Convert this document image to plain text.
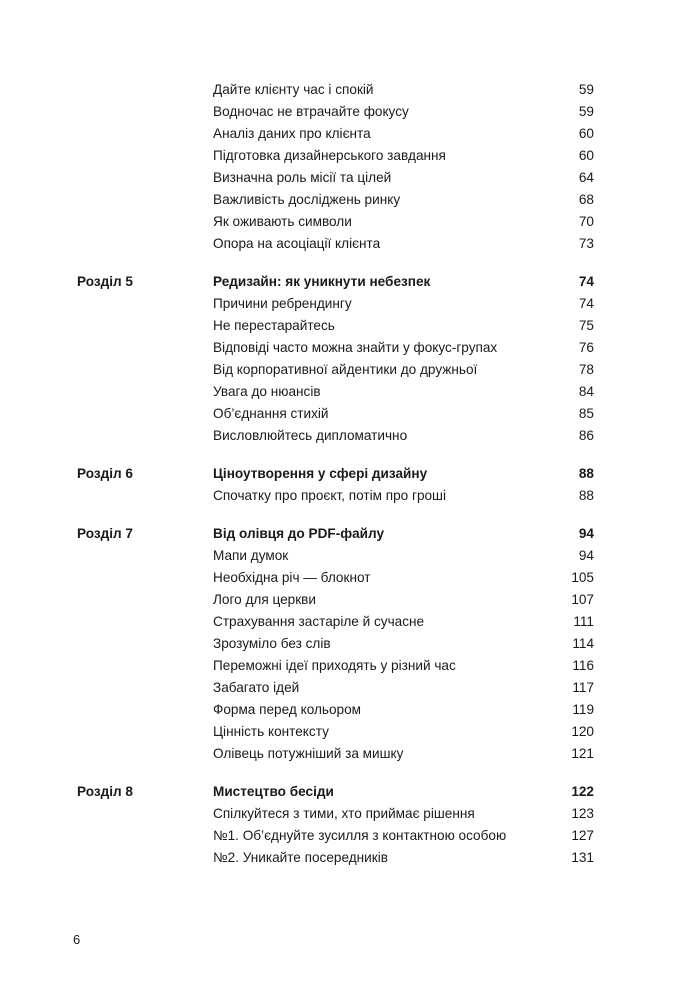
Дайте клієнту час і спокій	59
Водночас не втрачайте фокусу	59
Аналіз даних про клієнта	60
Підготовка дизайнерського завдання	60
Визначна роль місії та цілей	64
Важливість досліджень ринку	68
Як оживають символи	70
Опора на асоціації клієнта	73
Розділ 5	Редизайн: як уникнути небезпек	74
Причини ребрендингу	74
Не перестарайтесь	75
Відповіді часто можна знайти у фокус-групах	76
Від корпоративної айдентики до дружньої	78
Увага до нюансів	84
Об’єднання стихій	85
Висловлюйтесь дипломатично	86
Розділ 6	Ціноутворення у сфері дизайну	88
Спочатку про проєкт, потім про гроші	88
Розділ 7	Від олівця до PDF-файлу	94
Мапи думок	94
Необхідна річ — блокнот	105
Лого для церкви	107
Страхування застаріле й сучасне	111
Зрозуміло без слів	114
Переможні ідеї приходять у різний час	116
Забагато ідей	117
Форма перед кольором	119
Цінність контексту	120
Олівець потужніший за мишку	121
Розділ 8	Мистецтво бесіди	122
Спілкуйтеся з тими, хто приймає рішення	123
№1. Об’єднуйте зусилля з контактною особою	127
№2. Уникайте посередників	131
6
